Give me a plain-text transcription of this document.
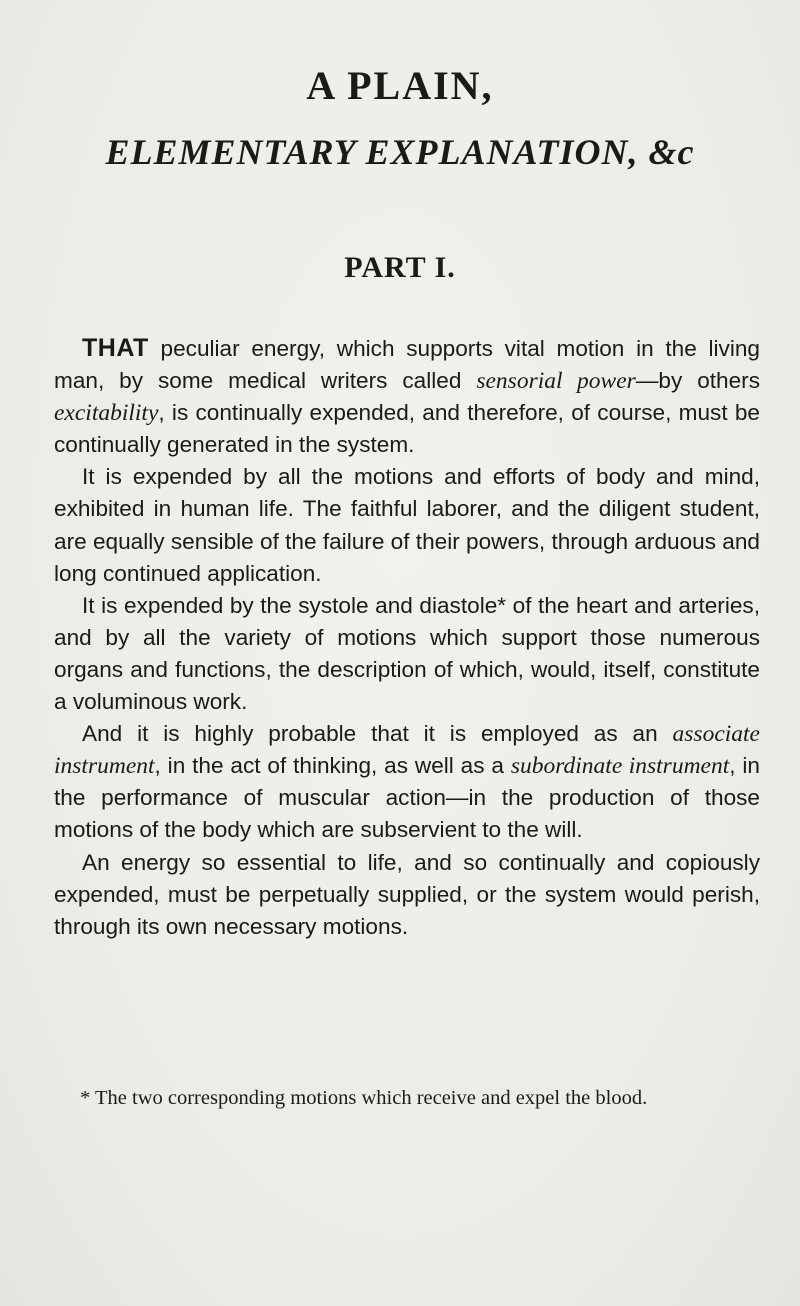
A PLAIN,
ELEMENTARY EXPLANATION, &c
PART I.

THAT peculiar energy, which supports vital motion in the living man, by some medical writers called sensorial power—by others excitability, is continually expended, and therefore, of course, must be continually generated in the system.

It is expended by all the motions and efforts of body and mind, exhibited in human life. The faithful laborer, and the diligent student, are equally sensible of the failure of their powers, through arduous and long continued application.

It is expended by the systole and diastole* of the heart and arteries, and by all the variety of motions which support those numerous organs and functions, the description of which, would, itself, constitute a voluminous work.

And it is highly probable that it is employed as an associate instrument, in the act of thinking, as well as a subordinate instrument, in the performance of muscular action—in the production of those motions of the body which are subservient to the will.

An energy so essential to life, and so continually and copiously expended, must be perpetually supplied, or the system would perish, through its own necessary motions.

* The two corresponding motions which receive and expel the blood.
